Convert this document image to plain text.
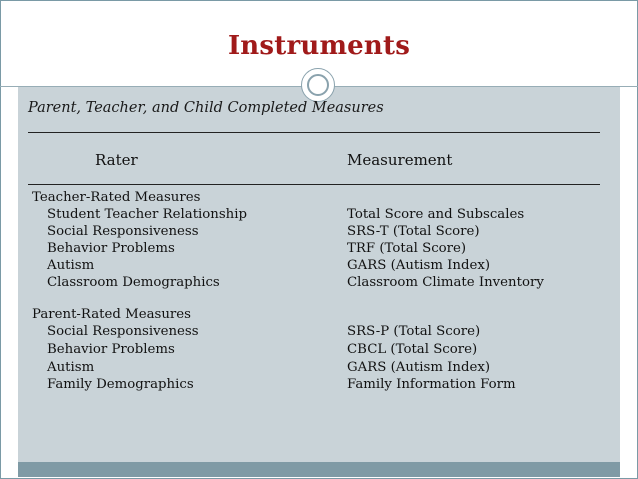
Instruments
Parent, Teacher, and Child Completed Measures
Rater	Measurement
Teacher-Rated Measures
Student Teacher Relationship	Total Score and Subscales
Social Responsiveness	SRS-T (Total Score)
Behavior Problems	TRF (Total Score)
Autism	GARS (Autism Index)
Classroom Demographics	Classroom Climate Inventory
Parent-Rated Measures
Social Responsiveness	SRS-P (Total Score)
Behavior Problems	CBCL (Total Score)
Autism	GARS (Autism Index)
Family Demographics	Family Information Form
